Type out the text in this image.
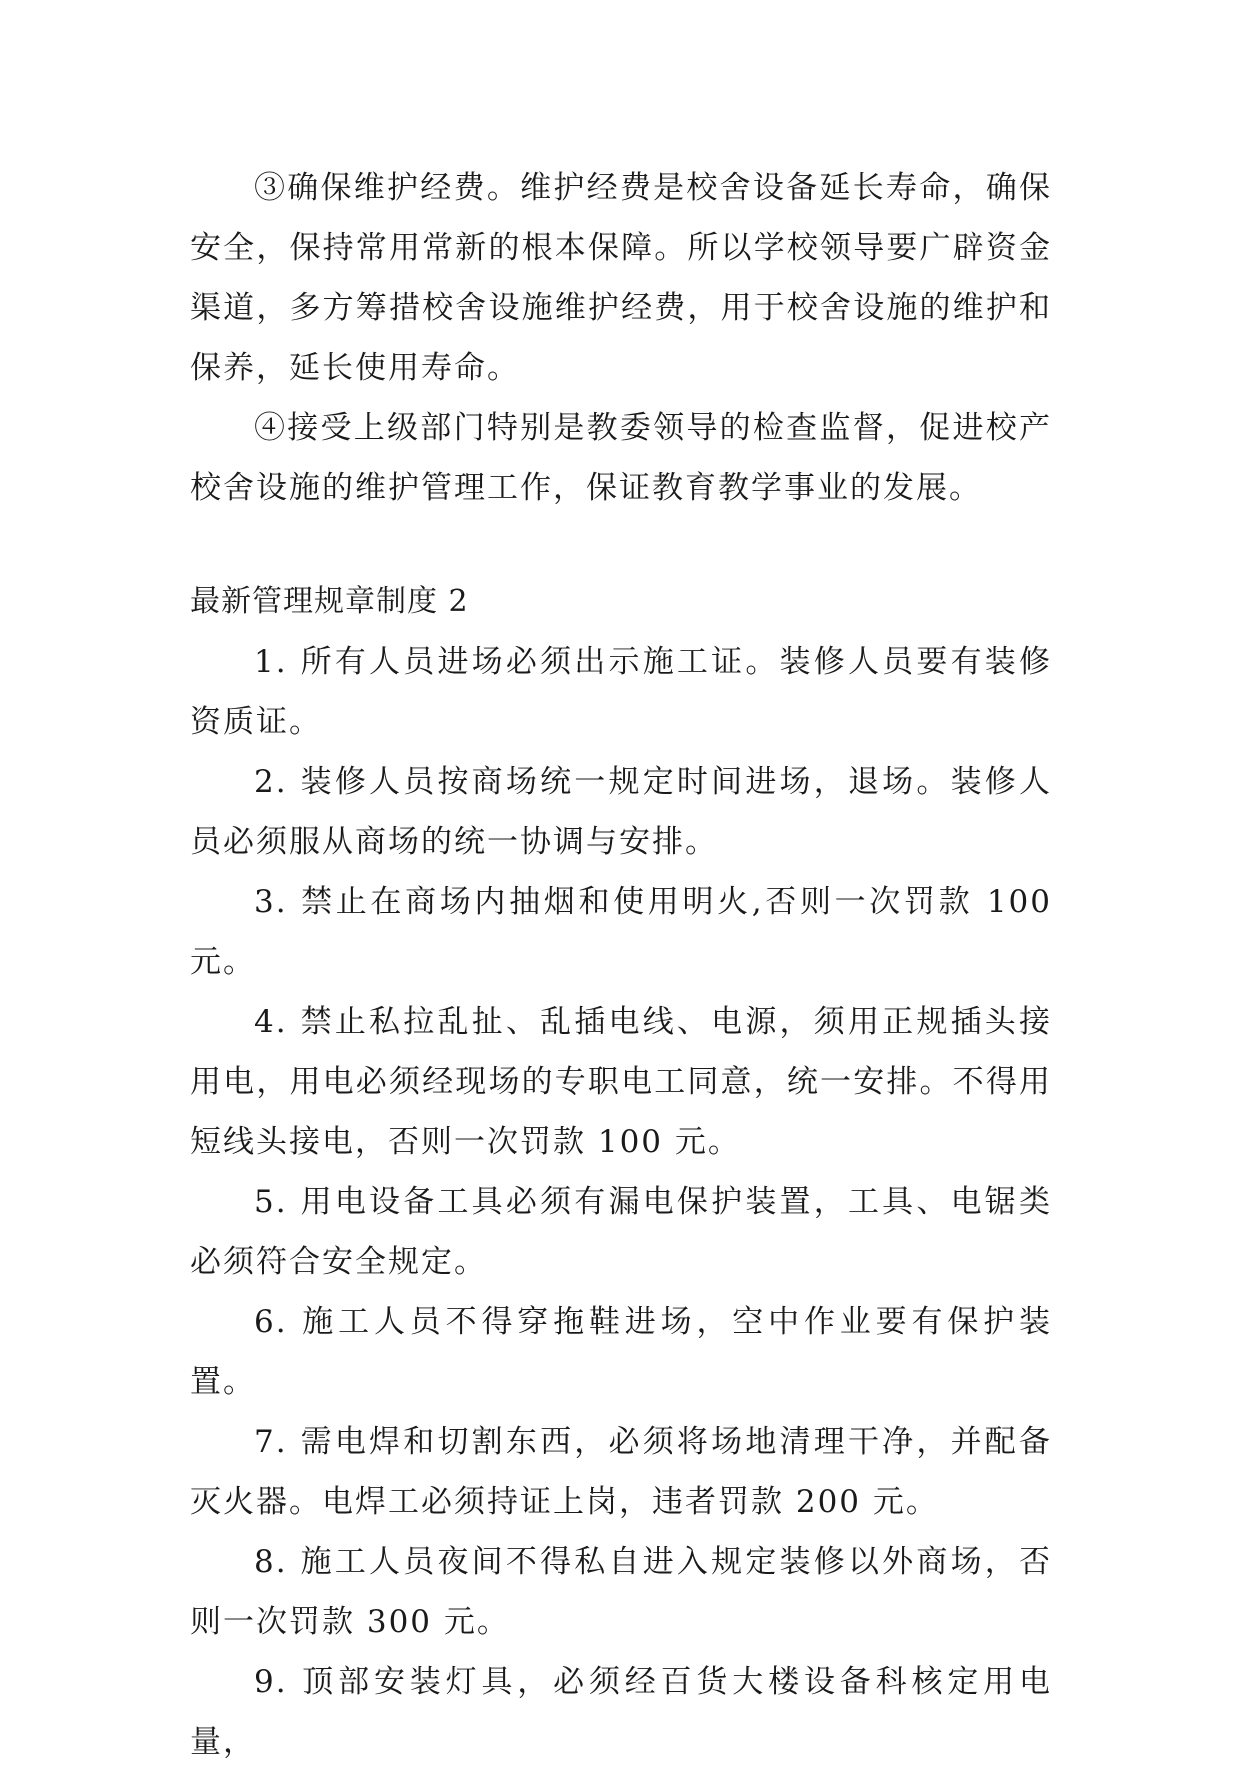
③确保维护经费。维护经费是校舍设备延长寿命，确保安全，保持常用常新的根本保障。所以学校领导要广辟资金渠道，多方筹措校舍设施维护经费，用于校舍设施的维护和保养，延长使用寿命。

④接受上级部门特别是教委领导的检查监督，促进校产校舍设施的维护管理工作，保证教育教学事业的发展。

最新管理规章制度 2

1. 所有人员进场必须出示施工证。装修人员要有装修资质证。

2. 装修人员按商场统一规定时间进场，退场。装修人员必须服从商场的统一协调与安排。

3. 禁止在商场内抽烟和使用明火,否则一次罚款 100 元。

4. 禁止私拉乱扯、乱插电线、电源，须用正规插头接用电，用电必须经现场的专职电工同意，统一安排。不得用短线头接电，否则一次罚款 100 元。

5. 用电设备工具必须有漏电保护装置，工具、电锯类必须符合安全规定。

6. 施工人员不得穿拖鞋进场，空中作业要有保护装置。

7. 需电焊和切割东西，必须将场地清理干净，并配备灭火器。电焊工必须持证上岗，违者罚款 200 元。

8. 施工人员夜间不得私自进入规定装修以外商场，否则一次罚款 300 元。

9. 顶部安装灯具，必须经百货大楼设备科核定用电量，
